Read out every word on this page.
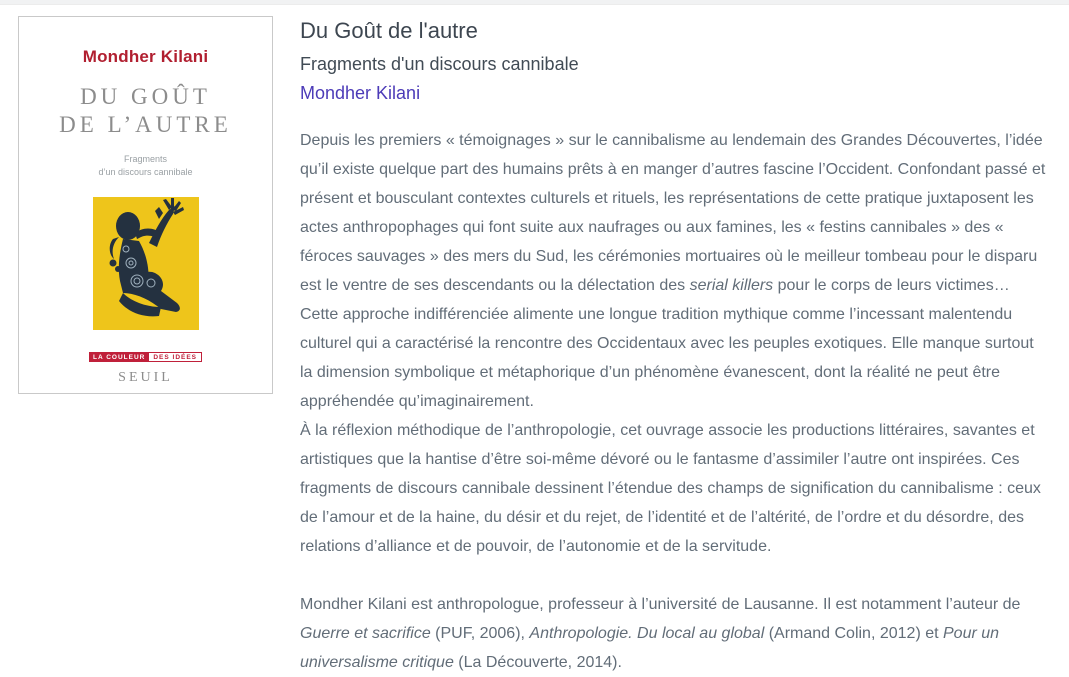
Mondher Kilani
DU GOÛT
DE L’AUTRE
Fragments
d’un discours cannibale
LA COULEUR	DES IDÉES
SEUIL
Du Goût de l'autre
Fragments d'un discours cannibale
Mondher Kilani

Depuis les premiers « témoignages » sur le cannibalisme au lendemain des Grandes Découvertes, l’idée qu’il existe quelque part des humains prêts à en manger d’autres fascine l’Occident. Confondant passé et présent et bousculant contextes culturels et rituels, les représentations de cette pratique juxtaposent les actes anthropophages qui font suite aux naufrages ou aux famines, les « festins cannibales » des « féroces sauvages » des mers du Sud, les cérémonies mortuaires où le meilleur tombeau pour le disparu est le ventre de ses descendants ou la délectation des serial killers pour le corps de leurs victimes…

Cette approche indifférenciée alimente une longue tradition mythique comme l’incessant malentendu culturel qui a caractérisé la rencontre des Occidentaux avec les peuples exotiques. Elle manque surtout la dimension symbolique et métaphorique d’un phénomène évanescent, dont la réalité ne peut être appréhendée qu’imaginairement.

À la réflexion méthodique de l’anthropologie, cet ouvrage associe les productions littéraires, savantes et artistiques que la hantise d’être soi-même dévoré ou le fantasme d’assimiler l’autre ont inspirées. Ces fragments de discours cannibale dessinent l’étendue des champs de signification du cannibalisme : ceux de l’amour et de la haine, du désir et du rejet, de l’identité et de l’altérité, de l’ordre et du désordre, des relations d’alliance et de pouvoir, de l’autonomie et de la servitude.

Mondher Kilani est anthropologue, professeur à l’université de Lausanne. Il est notamment l’auteur de Guerre et sacrifice (PUF, 2006), Anthropologie. Du local au global (Armand Colin, 2012) et Pour un universalisme critique (La Découverte, 2014).
